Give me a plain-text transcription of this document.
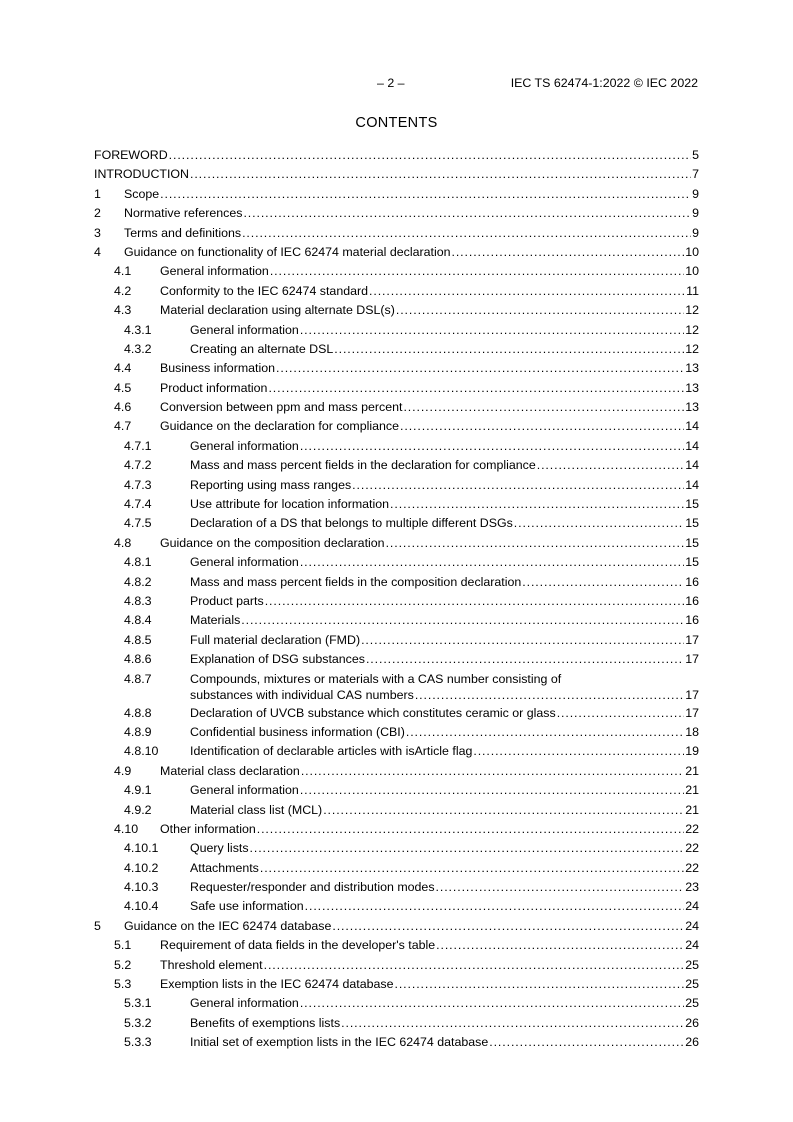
– 2 –	IEC TS 62474-1:2022 © IEC 2022
CONTENTS
FOREWORD .....	5
INTRODUCTION .....	7
1 Scope .....	9
2 Normative references .....	9
3 Terms and definitions .....	9
4 Guidance on functionality of IEC 62474 material declaration .....	10
4.1 General information .....	10
4.2 Conformity to the IEC 62474 standard .....	11
4.3 Material declaration using alternate DSL(s) .....	12
4.3.1	General information .....	12
4.3.2	Creating an alternate DSL .....	12
4.4 Business information .....	13
4.5 Product information .....	13
4.6 Conversion between ppm and mass percent .....	13
4.7 Guidance on the declaration for compliance .....	14
4.7.1	General information .....	14
4.7.2	Mass and mass percent fields in the declaration for compliance .....	14
4.7.3	Reporting using mass ranges .....	14
4.7.4	Use attribute for location information .....	15
4.7.5	Declaration of a DS that belongs to multiple different DSGs .....	15
4.8 Guidance on the composition declaration .....	15
4.8.1	General information .....	15
4.8.2	Mass and mass percent fields in the composition declaration .....	16
4.8.3	Product parts .....	16
4.8.4	Materials .....	16
4.8.5	Full material declaration (FMD) .....	17
4.8.6	Explanation of DSG substances .....	17
4.8.7	Compounds, mixtures or materials with a CAS number consisting of
substances with individual CAS numbers .....	17
4.8.8	Declaration of UVCB substance which constitutes ceramic or glass .....	17
4.8.9	Confidential business information (CBI) .....	18
4.8.10	Identification of declarable articles with isArticle flag .....	19
4.9 Material class declaration .....	21
4.9.1	General information .....	21
4.9.2	Material class list (MCL) .....	21
4.10 Other information .....	22
4.10.1	Query lists .....	22
4.10.2	Attachments .....	22
4.10.3	Requester/responder and distribution modes .....	23
4.10.4	Safe use information .....	24
5 Guidance on the IEC 62474 database .....	24
5.1 Requirement of data fields in the developer's table .....	24
5.2 Threshold element .....	25
5.3 Exemption lists in the IEC 62474 database .....	25
5.3.1	General information .....	25
5.3.2	Benefits of exemptions lists .....	26
5.3.3	Initial set of exemption lists in the IEC 62474 database .....	26
